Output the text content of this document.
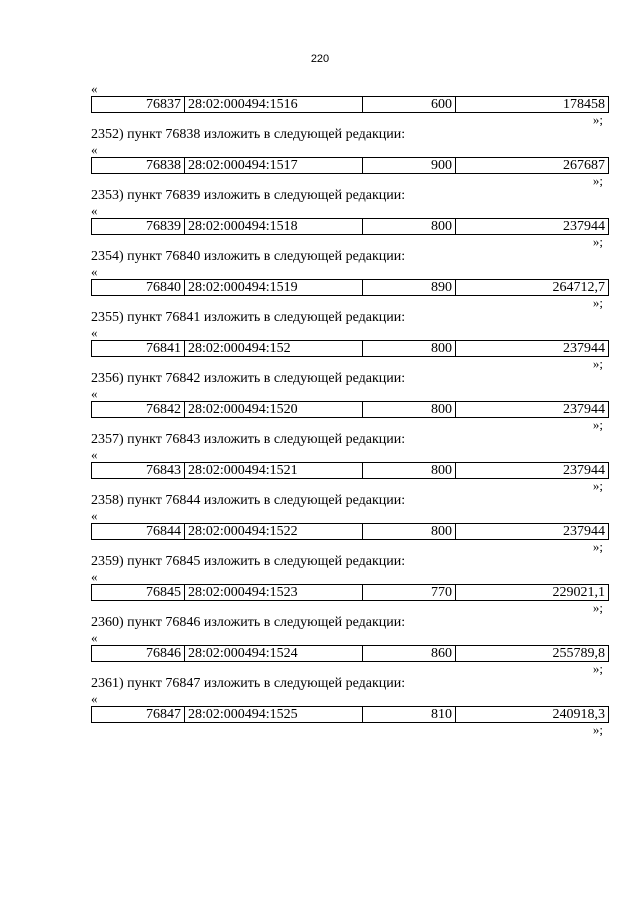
220
«
76837	28:02:000494:1516	600	178458
»;
2352) пункт 76838 изложить в следующей редакции:
«
76838	28:02:000494:1517	900	267687
»;
2353) пункт 76839 изложить в следующей редакции:
«
76839	28:02:000494:1518	800	237944
»;
2354) пункт 76840 изложить в следующей редакции:
«
76840	28:02:000494:1519	890	264712,7
»;
2355) пункт 76841 изложить в следующей редакции:
«
76841	28:02:000494:152	800	237944
»;
2356) пункт 76842 изложить в следующей редакции:
«
76842	28:02:000494:1520	800	237944
»;
2357) пункт 76843 изложить в следующей редакции:
«
76843	28:02:000494:1521	800	237944
»;
2358) пункт 76844 изложить в следующей редакции:
«
76844	28:02:000494:1522	800	237944
»;
2359) пункт 76845 изложить в следующей редакции:
«
76845	28:02:000494:1523	770	229021,1
»;
2360) пункт 76846 изложить в следующей редакции:
«
76846	28:02:000494:1524	860	255789,8
»;
2361) пункт 76847 изложить в следующей редакции:
«
76847	28:02:000494:1525	810	240918,3
»;
